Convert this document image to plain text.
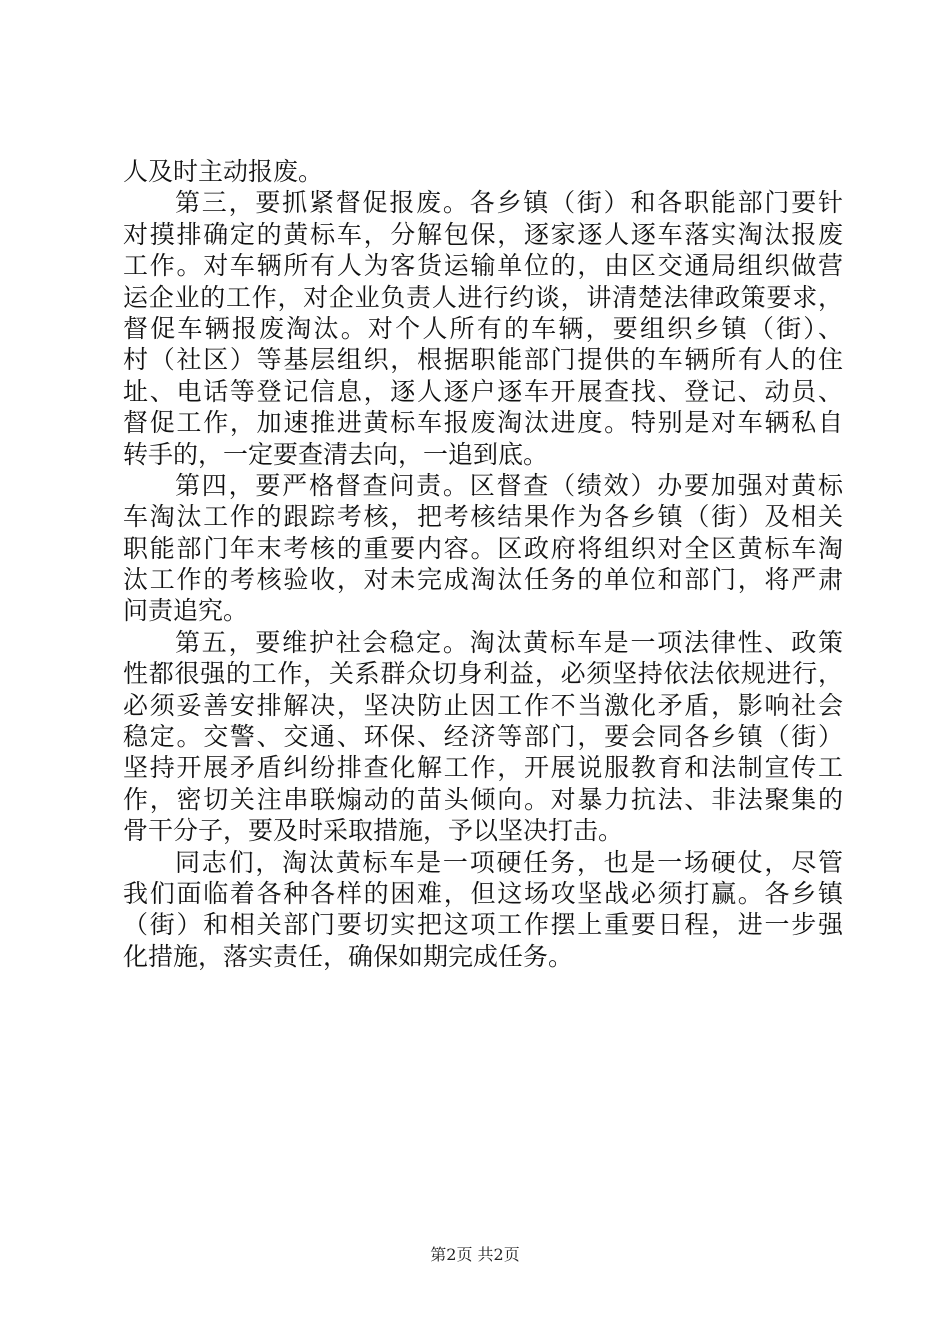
人及时主动报废。
第三，要抓紧督促报废。各乡镇（街）和各职能部门要针
对摸排确定的黄标车，分解包保，逐家逐人逐车落实淘汰报废
工作。对车辆所有人为客货运输单位的，由区交通局组织做营
运企业的工作，对企业负责人进行约谈，讲清楚法律政策要求，
督促车辆报废淘汰。对个人所有的车辆，要组织乡镇（街）、
村（社区）等基层组织，根据职能部门提供的车辆所有人的住
址、电话等登记信息，逐人逐户逐车开展查找、登记、动员、
督促工作，加速推进黄标车报废淘汰进度。特别是对车辆私自
转手的，一定要查清去向，一追到底。
第四，要严格督查问责。区督查（绩效）办要加强对黄标
车淘汰工作的跟踪考核，把考核结果作为各乡镇（街）及相关
职能部门年末考核的重要内容。区政府将组织对全区黄标车淘
汰工作的考核验收，对未完成淘汰任务的单位和部门，将严肃
问责追究。
第五，要维护社会稳定。淘汰黄标车是一项法律性、政策
性都很强的工作，关系群众切身利益，必须坚持依法依规进行，
必须妥善安排解决，坚决防止因工作不当激化矛盾，影响社会
稳定。交警、交通、环保、经济等部门，要会同各乡镇（街）
坚持开展矛盾纠纷排查化解工作，开展说服教育和法制宣传工
作，密切关注串联煽动的苗头倾向。对暴力抗法、非法聚集的
骨干分子，要及时采取措施，予以坚决打击。
同志们，淘汰黄标车是一项硬任务，也是一场硬仗，尽管
我们面临着各种各样的困难，但这场攻坚战必须打赢。各乡镇
（街）和相关部门要切实把这项工作摆上重要日程，进一步强
化措施，落实责任，确保如期完成任务。
第2页 共2页
